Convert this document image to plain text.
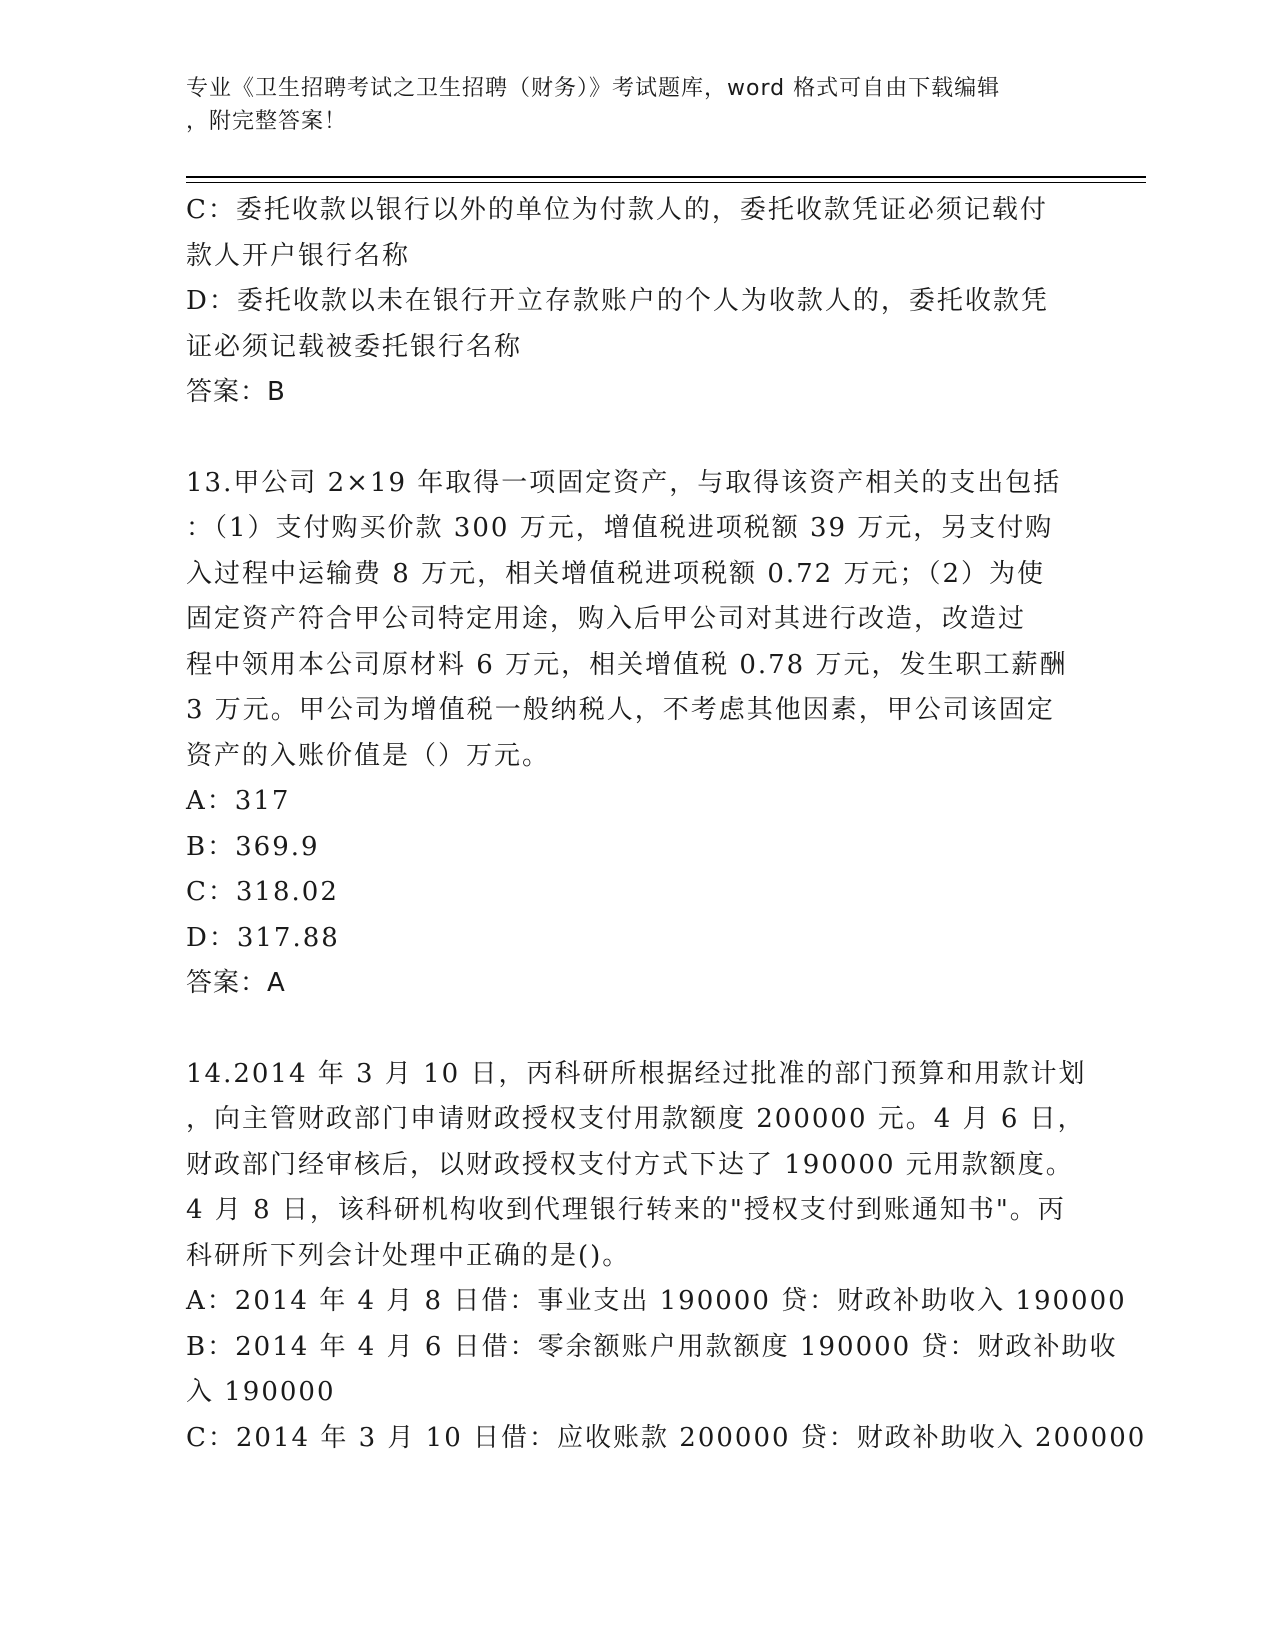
专业《卫生招聘考试之卫生招聘（财务）》考试题库，word 格式可自由下载编辑
，附完整答案！
C：委托收款以银行以外的单位为付款人的，委托收款凭证必须记载付
款人开户银行名称
D：委托收款以未在银行开立存款账户的个人为收款人的，委托收款凭
证必须记载被委托银行名称
答案：B
13.甲公司 2×19 年取得一项固定资产，与取得该资产相关的支出包括
：（1）支付购买价款 300 万元，增值税进项税额 39 万元，另支付购
入过程中运输费 8 万元，相关增值税进项税额 0.72 万元；（2）为使
固定资产符合甲公司特定用途，购入后甲公司对其进行改造，改造过
程中领用本公司原材料 6 万元，相关增值税 0.78 万元，发生职工薪酬
3 万元。甲公司为增值税一般纳税人，不考虑其他因素，甲公司该固定
资产的入账价值是（）万元。
A：317
B：369.9
C：318.02
D：317.88
答案：A
14.2014 年 3 月 10 日，丙科研所根据经过批准的部门预算和用款计划
，向主管财政部门申请财政授权支付用款额度 200000 元。4 月 6 日，
财政部门经审核后，以财政授权支付方式下达了 190000 元用款额度。
4 月 8 日，该科研机构收到代理银行转来的"授权支付到账通知书"。丙
科研所下列会计处理中正确的是()。
A：2014 年 4 月 8 日借：事业支出 190000 贷：财政补助收入 190000
B：2014 年 4 月 6 日借：零余额账户用款额度 190000 贷：财政补助收
入 190000
C：2014 年 3 月 10 日借：应收账款 200000 贷：财政补助收入 200000
